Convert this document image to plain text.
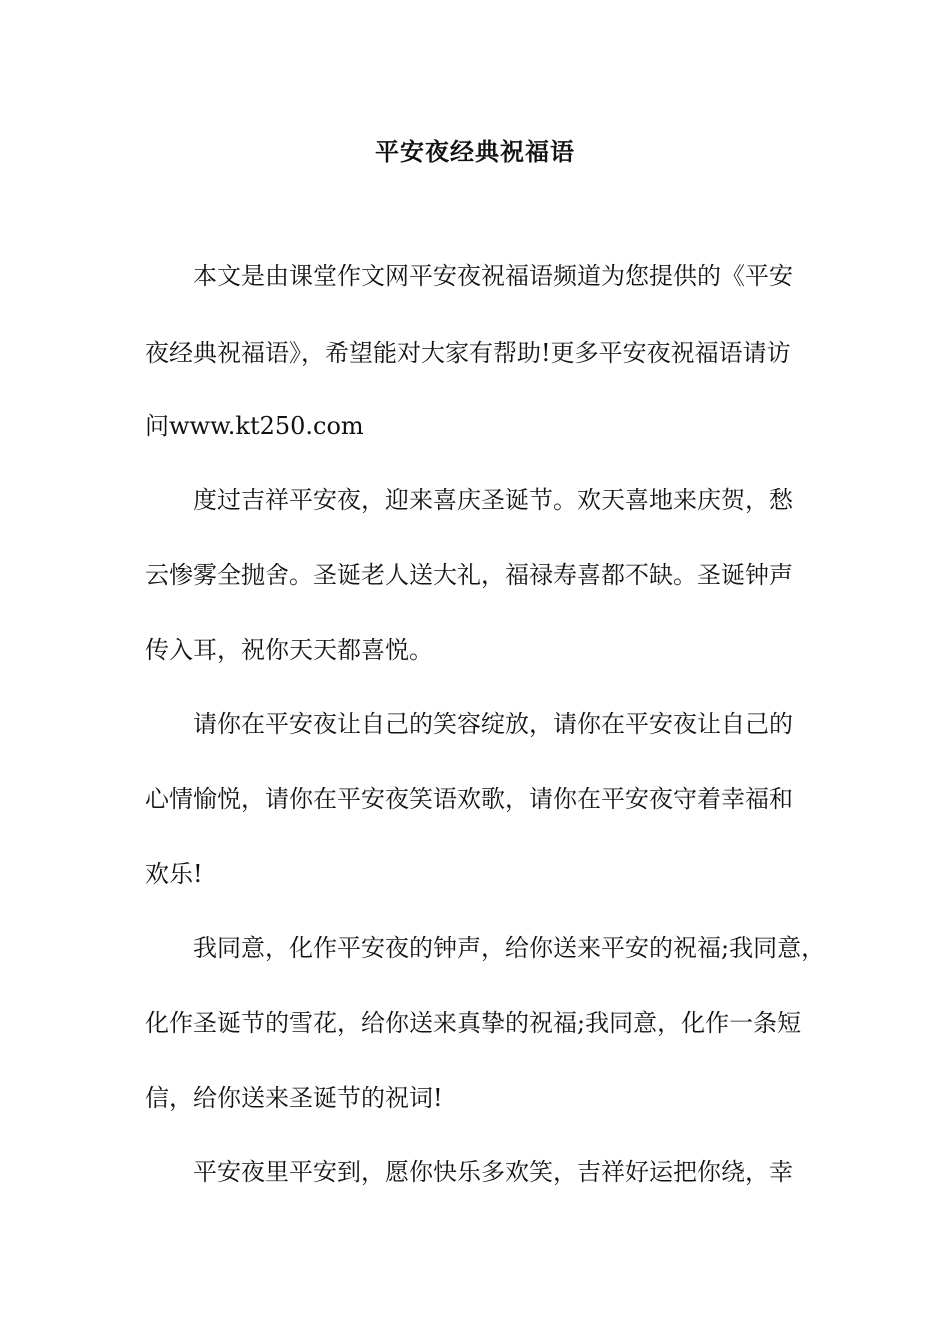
平安夜经典祝福语
本文是由课堂作文网平安夜祝福语频道为您提供的《平安
夜经典祝福语》，希望能对大家有帮助!更多平安夜祝福语请访
问www.kt250.com
度过吉祥平安夜，迎来喜庆圣诞节。欢天喜地来庆贺，愁
云惨雾全抛舍。圣诞老人送大礼，福禄寿喜都不缺。圣诞钟声
传入耳，祝你天天都喜悦。
请你在平安夜让自己的笑容绽放，请你在平安夜让自己的
心情愉悦，请你在平安夜笑语欢歌，请你在平安夜守着幸福和
欢乐!
我同意，化作平安夜的钟声，给你送来平安的祝福;我同意，
化作圣诞节的雪花，给你送来真挚的祝福;我同意，化作一条短
信，给你送来圣诞节的祝词!
平安夜里平安到，愿你快乐多欢笑，吉祥好运把你绕，幸
